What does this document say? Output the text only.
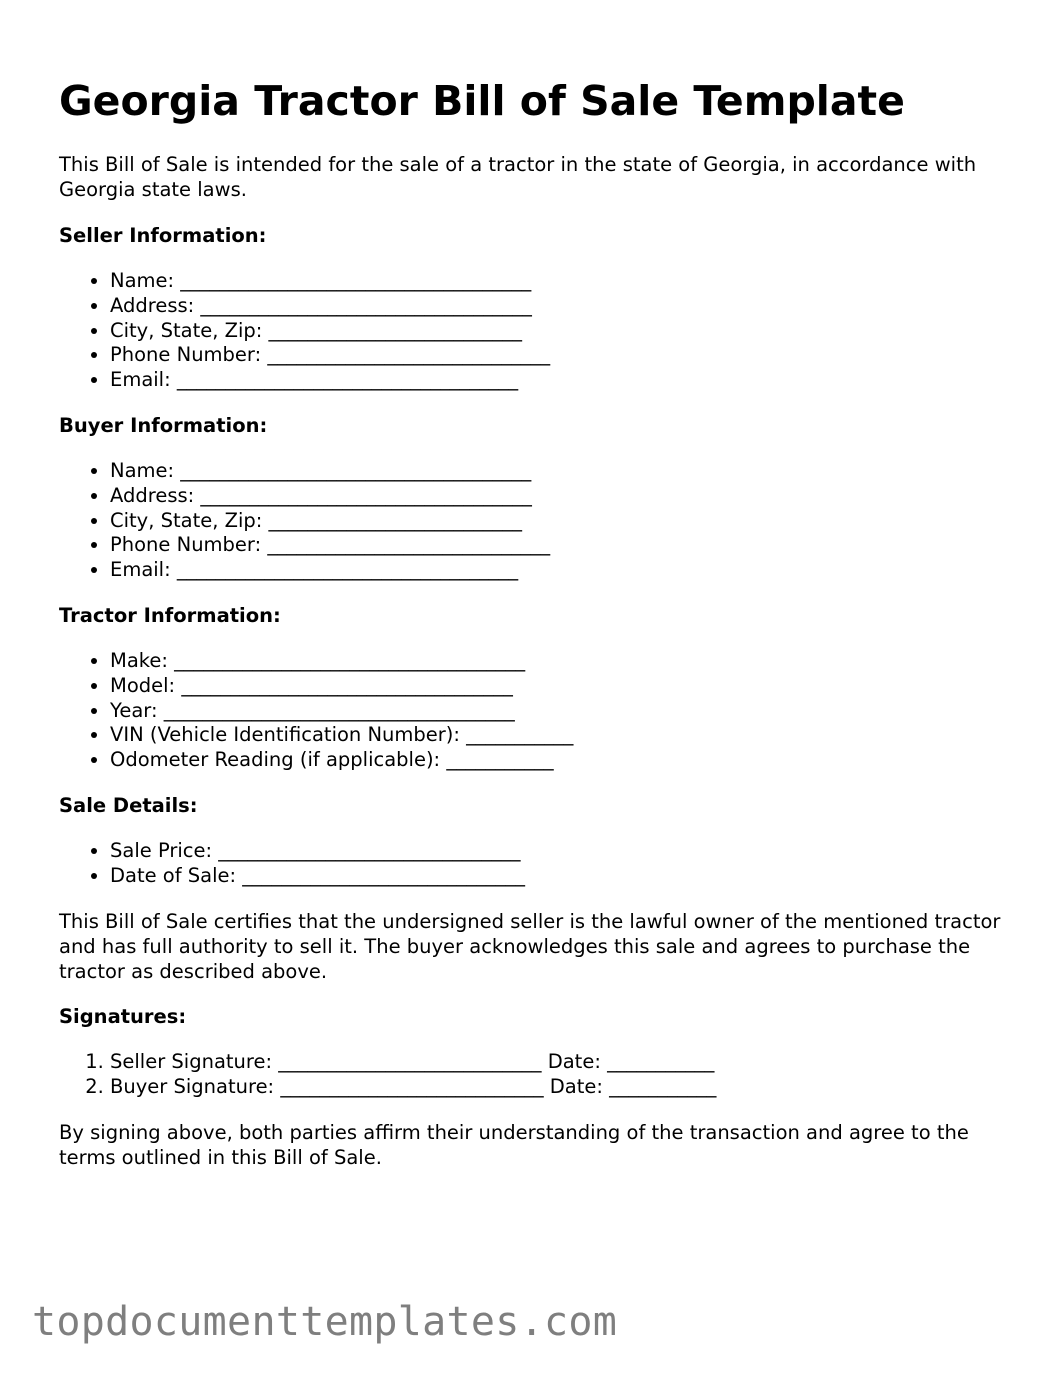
Georgia Tractor Bill of Sale Template

This Bill of Sale is intended for the sale of a tractor in the state of Georgia, in accordance with Georgia state laws.

Seller Information:

• Name: ____________________________________
• Address: __________________________________
• City, State, Zip: __________________________
• Phone Number: _____________________________
• Email: ___________________________________

Buyer Information:

• Name: ____________________________________
• Address: __________________________________
• City, State, Zip: __________________________
• Phone Number: _____________________________
• Email: ___________________________________

Tractor Information:

• Make: ____________________________________
• Model: __________________________________
• Year: ____________________________________
• VIN (Vehicle Identification Number): ___________
• Odometer Reading (if applicable): ___________

Sale Details:

• Sale Price: _______________________________
• Date of Sale: _____________________________

This Bill of Sale certifies that the undersigned seller is the lawful owner of the mentioned tractor and has full authority to sell it. The buyer acknowledges this sale and agrees to purchase the tractor as described above.

Signatures:

1. Seller Signature: ___________________________ Date: ___________
2. Buyer Signature: ___________________________ Date: ___________

By signing above, both parties affirm their understanding of the transaction and agree to the terms outlined in this Bill of Sale.

topdocumenttemplates.com
